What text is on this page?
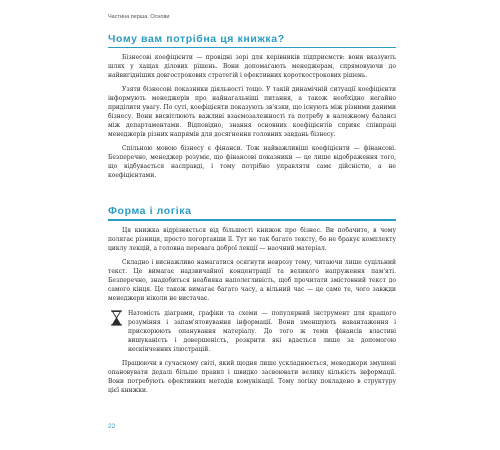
Частина перша. Основи
Чому вам потрібна ця книжка?

Бізнесові коефіцієнти — провідні зорі для керівників підприємств: вони вказують шлях у хащах ділових рішень. Вони допомагають менеджерам, спрямовуючи до найвигідніших довгострокових стратегій і ефективних короткострокових рішень.

Узяти бізнесові показники діяльності тощо. У такій динамічній ситуації коефіцієнти інформують менеджерів про найнагальніші питання, а також необхідно негайно приділити увагу. По суті, коефіцієнти показують зв'язки, що існують між різними даними бізнесу. Вони висвітлюють важливі взаємозалежності та потребу в належному балансі між департаментами. Відповідно, знання основних коефіцієнтів сприяє співпраці менеджерів різних напрямів для досягнення головних завдань бізнесу.

Спільною мовою бізнесу є фінанси. Тож найважливіші коефіцієнти — фінансові. Безперечно, менеджер розуміє, що фінансові показники — це лише відображення того, що відбувається насправді, і тому потрібно управляти самє дійсністю, а не коефіцієнтами.

Форма і логіка

Ця книжка відрізняється від більшості книжок про бізнес. Ви побачите, в чому полягає різниця, просто погортавши її. Тут не так багато тексту, бо не бракує комплекту циклу лекцій, а головна перевага доброї лекції — наочний матеріал.

Складно і виснажливо намагатися осягнути неврозу тему, читаючи лише суцільний текст. Це вимагає надзвичайної концентрації та великого напруження пам'яті. Безперечно, знадобиться неабияка наполегливість, щоб прочитати змістовний текст до самого кінця. Це також вимагає багато часу, а вільний час — це саме те, чого завжди менеджери ніколи не вистачає.

Натомість діаграми, графіки та схеми — популярний інструмент для кращого розуміння і запам'ятовування інформації. Вони зменшують навантаження і прискорюють опанування матеріалу. До того ж теми фінансів властиві вишуканість і довершеність, розкрити які вдається лише за допомогою нескінченних ілюстрацій.

Працюючи в сучасному світі, який щодня лише ускладнюється, менеджери змушені опановувати дедалі більше правил і швидко засвоювати велику кількість інформації. Вони потребують ефективних методів комунікації. Тому логіку покладено в структуру цієї книжки.

22
